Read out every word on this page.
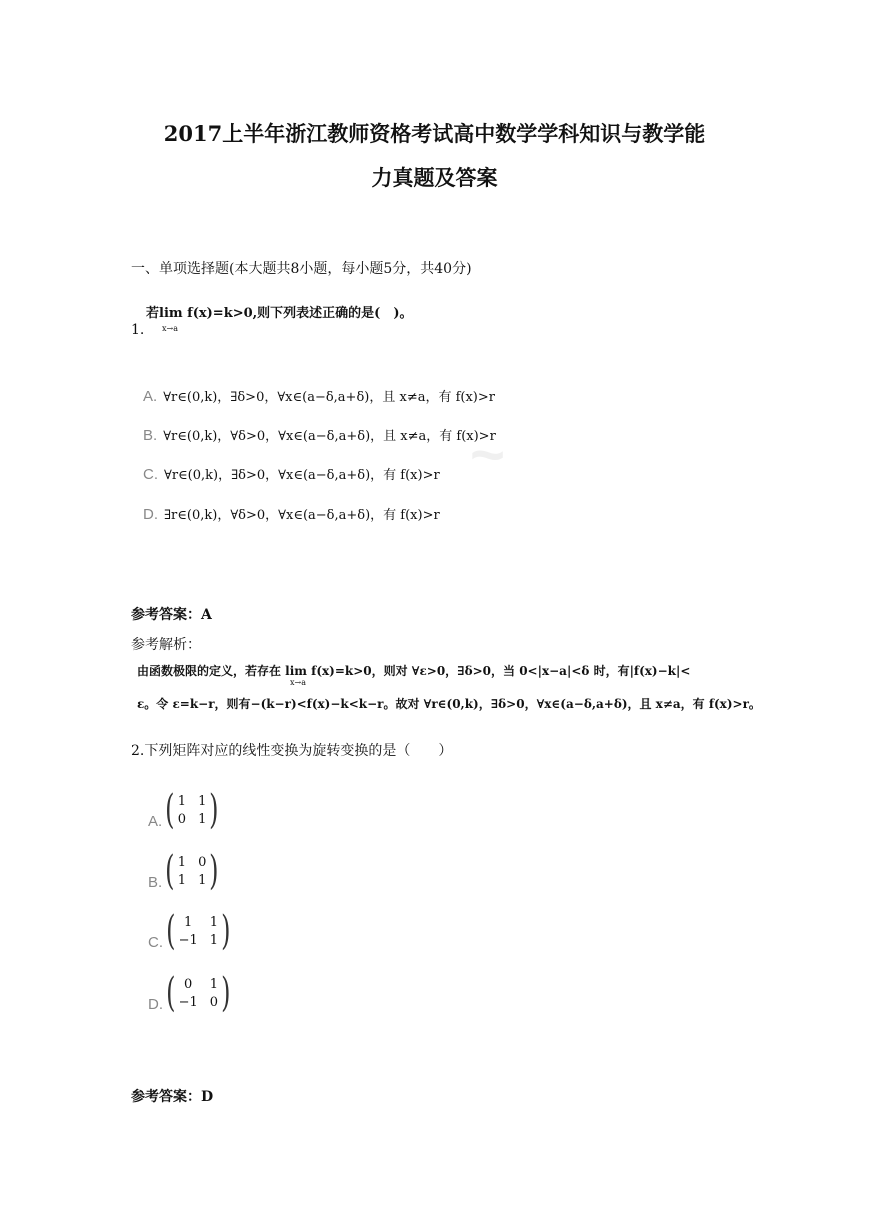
~
2017上半年浙江教师资格考试高中数学学科知识与教学能
力真题及答案
一、单项选择题(本大题共8小题，每小题5分，共40分)
若lim f(x)=k>0,则下列表述正确的是(　)。
x→a
1.
A. ∀r∈(0,k)，∃δ>0，∀x∈(a−δ,a+δ)，且 x≠a，有 f(x)>r
B. ∀r∈(0,k)，∀δ>0，∀x∈(a−δ,a+δ)，且 x≠a，有 f(x)>r
C. ∀r∈(0,k)，∃δ>0，∀x∈(a−δ,a+δ)，有 f(x)>r
D. ∃r∈(0,k)，∀δ>0，∀x∈(a−δ,a+δ)，有 f(x)>r
参考答案：A
参考解析：
由函数极限的定义，若存在 lim f(x)=k>0，则对 ∀ε>0，∃δ>0，当 0<|x−a|<δ 时，有|f(x)−k|<
x→a
ε。令 ε=k−r，则有−(k−r)<f(x)−k<k−r。故对 ∀r∈(0,k)，∃δ>0，∀x∈(a−δ,a+δ)，且 x≠a，有 f(x)>r。
2.下列矩阵对应的线性变换为旋转变换的是（　　）
A. ( 1 1
0 1 )
B. ( 1 0
1 1 )
C. ( 1	1
−1 1 )
D. ( 0	1
−1 0 )
参考答案：D
